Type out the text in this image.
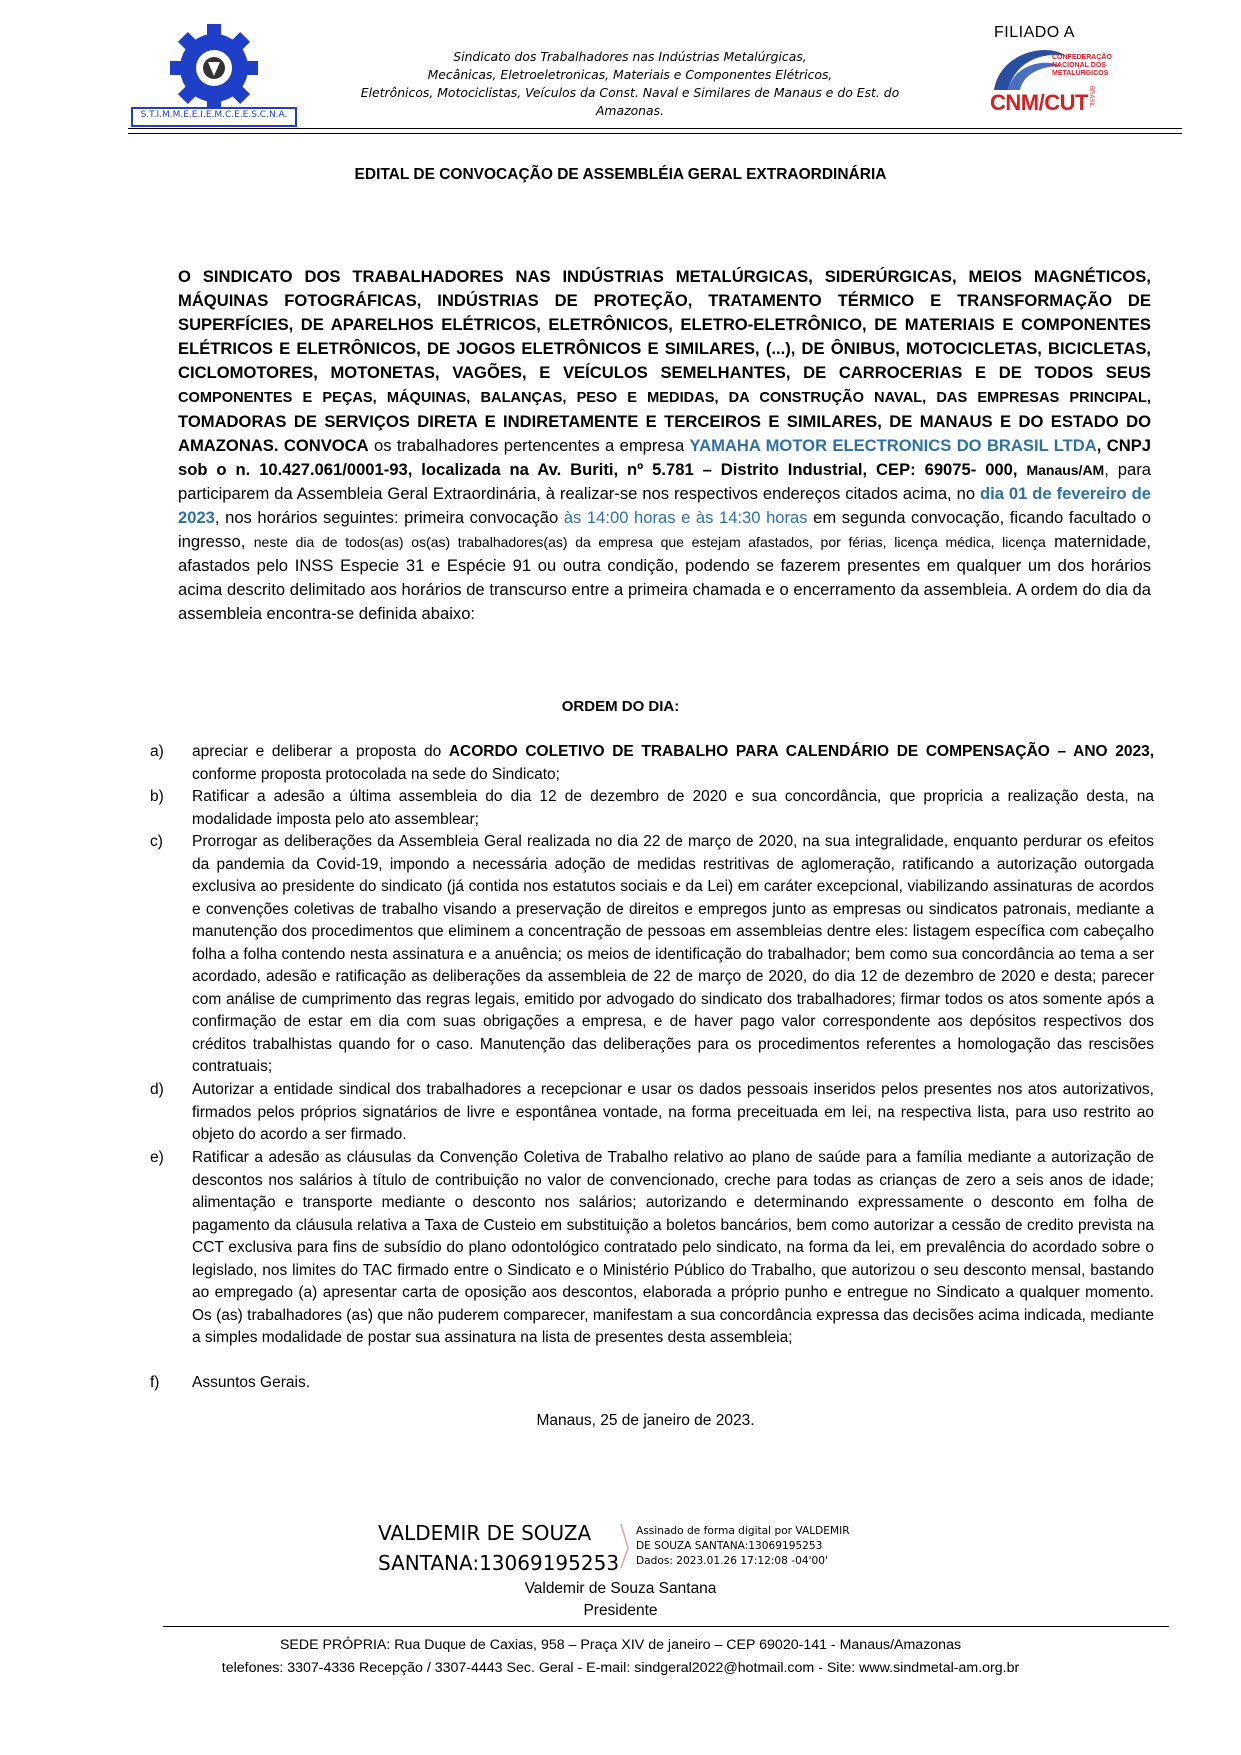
S.T.I.M.M.E.E.I.E.M.C.E.E.S.C.N.A.
Sindicato dos Trabalhadores nas Indústrias Metalúrgicas,
Mecânicas, Eletroeletronicas, Materiais e Componentes Elétricos,
Eletrônicos, Motociclistas, Veículos da Const. Naval e Similares de Manaus e do Est. do Amazonas.
FILIADO A
CONFEDERAÇÃO
NACIONAL DOS
METALÚRGICOS
CNM/CUT BRASIL
EDITAL DE CONVOCAÇÃO DE ASSEMBLÉIA GERAL EXTRAORDINÁRIA
O SINDICATO DOS TRABALHADORES NAS INDÚSTRIAS METALÚRGICAS, SIDERÚRGICAS, MEIOS MAGNÉTICOS, MÁQUINAS FOTOGRÁFICAS, INDÚSTRIAS DE PROTEÇÃO, TRATAMENTO TÉRMICO E TRANSFORMAÇÃO DE SUPERFÍCIES, DE APARELHOS ELÉTRICOS, ELETRÔNICOS, ELETRO-ELETRÔNICO, DE MATERIAIS E COMPONENTES ELÉTRICOS E ELETRÔNICOS, DE JOGOS ELETRÔNICOS E SIMILARES, (...), DE ÔNIBUS, MOTOCICLETAS, BICICLETAS, CICLOMOTORES, MOTONETAS, VAGÕES, E VEÍCULOS SEMELHANTES, DE CARROCERIAS E DE TODOS SEUS COMPONENTES E PEÇAS, MÁQUINAS, BALANÇAS, PESO E MEDIDAS, DA CONSTRUÇÃO NAVAL, DAS EMPRESAS PRINCIPAL, TOMADORAS DE SERVIÇOS DIRETA E INDIRETAMENTE E TERCEIROS E SIMILARES, DE MANAUS E DO ESTADO DO AMAZONAS. CONVOCA os trabalhadores pertencentes a empresa YAMAHA MOTOR ELECTRONICS DO BRASIL LTDA, CNPJ sob o n. 10.427.061/0001-93, localizada na Av. Buriti, nº 5.781 – Distrito Industrial, CEP: 69075- 000, Manaus/AM, para participarem da Assembleia Geral Extraordinária, à realizar-se nos respectivos endereços citados acima, no dia 01 de fevereiro de 2023, nos horários seguintes: primeira convocação às 14:00 horas e às 14:30 horas em segunda convocação, ficando facultado o ingresso, neste dia de todos(as) os(as) trabalhadores(as) da empresa que estejam afastados, por férias, licença médica, licença maternidade, afastados pelo INSS Especie 31 e Espécie 91 ou outra condição, podendo se fazerem presentes em qualquer um dos horários acima descrito delimitado aos horários de transcurso entre a primeira chamada e o encerramento da assembleia. A ordem do dia da assembleia encontra-se definida abaixo:
ORDEM DO DIA:
a)	apreciar e deliberar a proposta do ACORDO COLETIVO DE TRABALHO PARA CALENDÁRIO DE COMPENSAÇÃO – ANO 2023, conforme proposta protocolada na sede do Sindicato;
b)	Ratificar a adesão a última assembleia do dia 12 de dezembro de 2020 e sua concordância, que propricia a realização desta, na modalidade imposta pelo ato assemblear;
c)	Prorrogar as deliberações da Assembleia Geral realizada no dia 22 de março de 2020, na sua integralidade, enquanto perdurar os efeitos da pandemia da Covid-19, impondo a necessária adoção de medidas restritivas de aglomeração, ratificando a autorização outorgada exclusiva ao presidente do sindicato (já contida nos estatutos sociais e da Lei) em caráter excepcional, viabilizando assinaturas de acordos e convenções coletivas de trabalho visando a preservação de direitos e empregos junto as empresas ou sindicatos patronais, mediante a manutenção dos procedimentos que eliminem a concentração de pessoas em assembleias dentre eles: listagem específica com cabeçalho folha a folha contendo nesta assinatura e a anuência; os meios de identificação do trabalhador; bem como sua concordância ao tema a ser acordado, adesão e ratificação as deliberações da assembleia de 22 de março de 2020, do dia 12 de dezembro de 2020 e desta; parecer com análise de cumprimento das regras legais, emitido por advogado do sindicato dos trabalhadores; firmar todos os atos somente após a confirmação de estar em dia com suas obrigações a empresa, e de haver pago valor correspondente aos depósitos respectivos dos créditos trabalhistas quando for o caso. Manutenção das deliberações para os procedimentos referentes a homologação das rescisões contratuais;
d)	Autorizar a entidade sindical dos trabalhadores a recepcionar e usar os dados pessoais inseridos pelos presentes nos atos autorizativos, firmados pelos próprios signatários de livre e espontânea vontade, na forma preceituada em lei, na respectiva lista, para uso restrito ao objeto do acordo a ser firmado.
e)	Ratificar a adesão as cláusulas da Convenção Coletiva de Trabalho relativo ao plano de saúde para a família mediante a autorização de descontos nos salários à título de contribuição no valor de convencionado, creche para todas as crianças de zero a seis anos de idade; alimentação e transporte mediante o desconto nos salários; autorizando e determinando expressamente o desconto em folha de pagamento da cláusula relativa a Taxa de Custeio em substituição a boletos bancários, bem como autorizar a cessão de credito prevista na CCT exclusiva para fins de subsídio do plano odontológico contratado pelo sindicato, na forma da lei, em prevalência do acordado sobre o legislado, nos limites do TAC firmado entre o Sindicato e o Ministério Público do Trabalho, que autorizou o seu desconto mensal, bastando ao empregado (a) apresentar carta de oposição aos descontos, elaborada a próprio punho e entregue no Sindicato a qualquer momento. Os (as) trabalhadores (as) que não puderem comparecer, manifestam a sua concordância expressa das decisões acima indicada, mediante a simples modalidade de postar sua assinatura na lista de presentes desta assembleia;
f)	Assuntos Gerais.
Manaus, 25 de janeiro de 2023.
VALDEMIR DE SOUZA
SANTANA:13069195253
Assinado de forma digital por VALDEMIR
DE SOUZA SANTANA:13069195253
Dados: 2023.01.26 17:12:08 -04'00'
Valdemir de Souza Santana
Presidente
SEDE PRÓPRIA: Rua Duque de Caxias, 958 – Praça XIV de janeiro – CEP 69020-141 - Manaus/Amazonas
telefones: 3307-4336 Recepção / 3307-4443 Sec. Geral - E-mail: sindgeral2022@hotmail.com - Site: www.sindmetal-am.org.br
